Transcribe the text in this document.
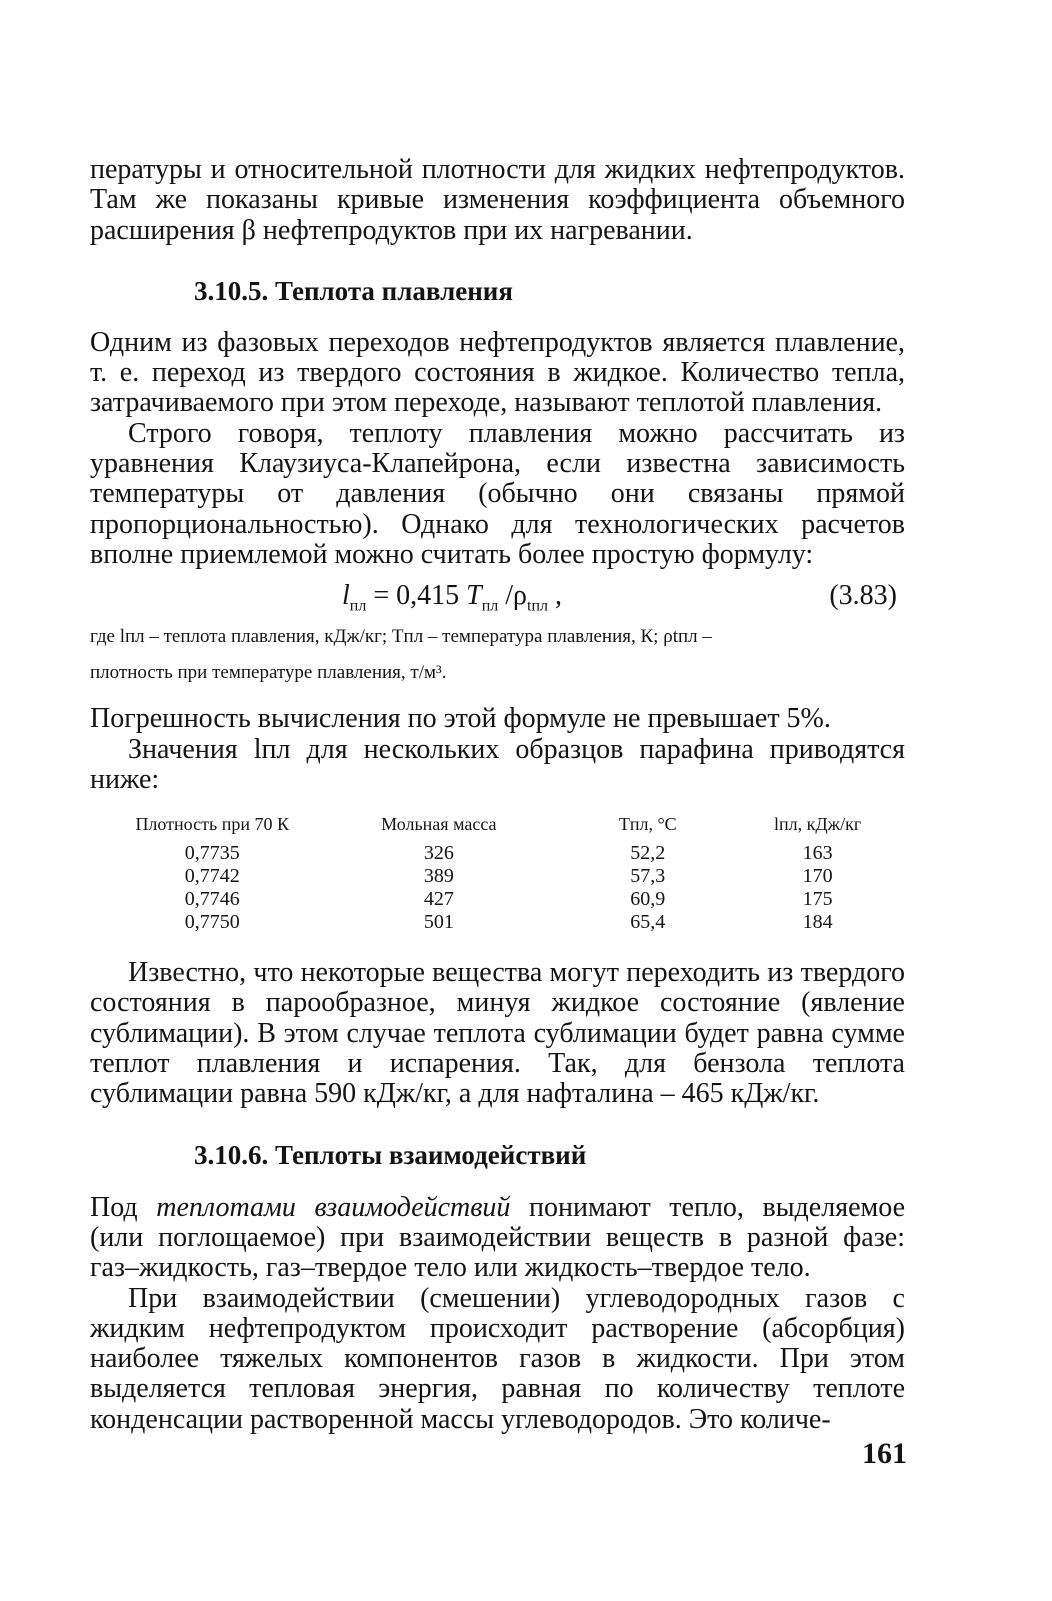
пературы и относительной плотности для жидких нефтепродуктов. Там же показаны кривые изменения коэффициента объемного расширения β нефтепродуктов при их нагревании.

3.10.5. Теплота плавления

Одним из фазовых переходов нефтепродуктов является плавление, т. е. переход из твердого состояния в жидкое. Количество тепла, затрачиваемого при этом переходе, называют теплотой плавления.

Строго говоря, теплоту плавления можно рассчитать из уравнения Клаузиуса-Клапейрона, если известна зависимость температуры от давления (обычно они связаны прямой пропорциональностью). Однако для технологических расчетов вполне приемлемой можно считать более простую формулу:

$l_{пл} = 0,415$ $T_{пл}$ $/\rho_{tпл}$ ,	(3.83)

где lпл – теплота плавления, кДж/кг; Tпл – температура плавления, К; ρtпл –

плотность при температуре плавления, т/м³.

Погрешность вычисления по этой формуле не превышает 5%.

Значения lпл для нескольких образцов парафина приводятся ниже:

Плотность при 70 К	Мольная масса	Tпл, °C	lпл, кДж/кг
0,7735	326	52,2	163
0,7742	389	57,3	170
0,7746	427	60,9	175
0,7750	501	65,4	184

Известно, что некоторые вещества могут переходить из твердого состояния в парообразное, минуя жидкое состояние (явление сублимации). В этом случае теплота сублимации будет равна сумме теплот плавления и испарения. Так, для бензола теплота сублимации равна 590 кДж/кг, а для нафталина – 465 кДж/кг.

3.10.6. Теплоты взаимодействий

Под теплотами взаимодействий понимают тепло, выделяемое (или поглощаемое) при взаимодействии веществ в разной фазе: газ–жидкость, газ–твердое тело или жидкость–твердое тело.

При взаимодействии (смешении) углеводородных газов с жидким нефтепродуктом происходит растворение (абсорбция) наиболее тяжелых компонентов газов в жидкости. При этом выделяется тепловая энергия, равная по количеству теплоте конденсации растворенной массы углеводородов. Это количе-

161
